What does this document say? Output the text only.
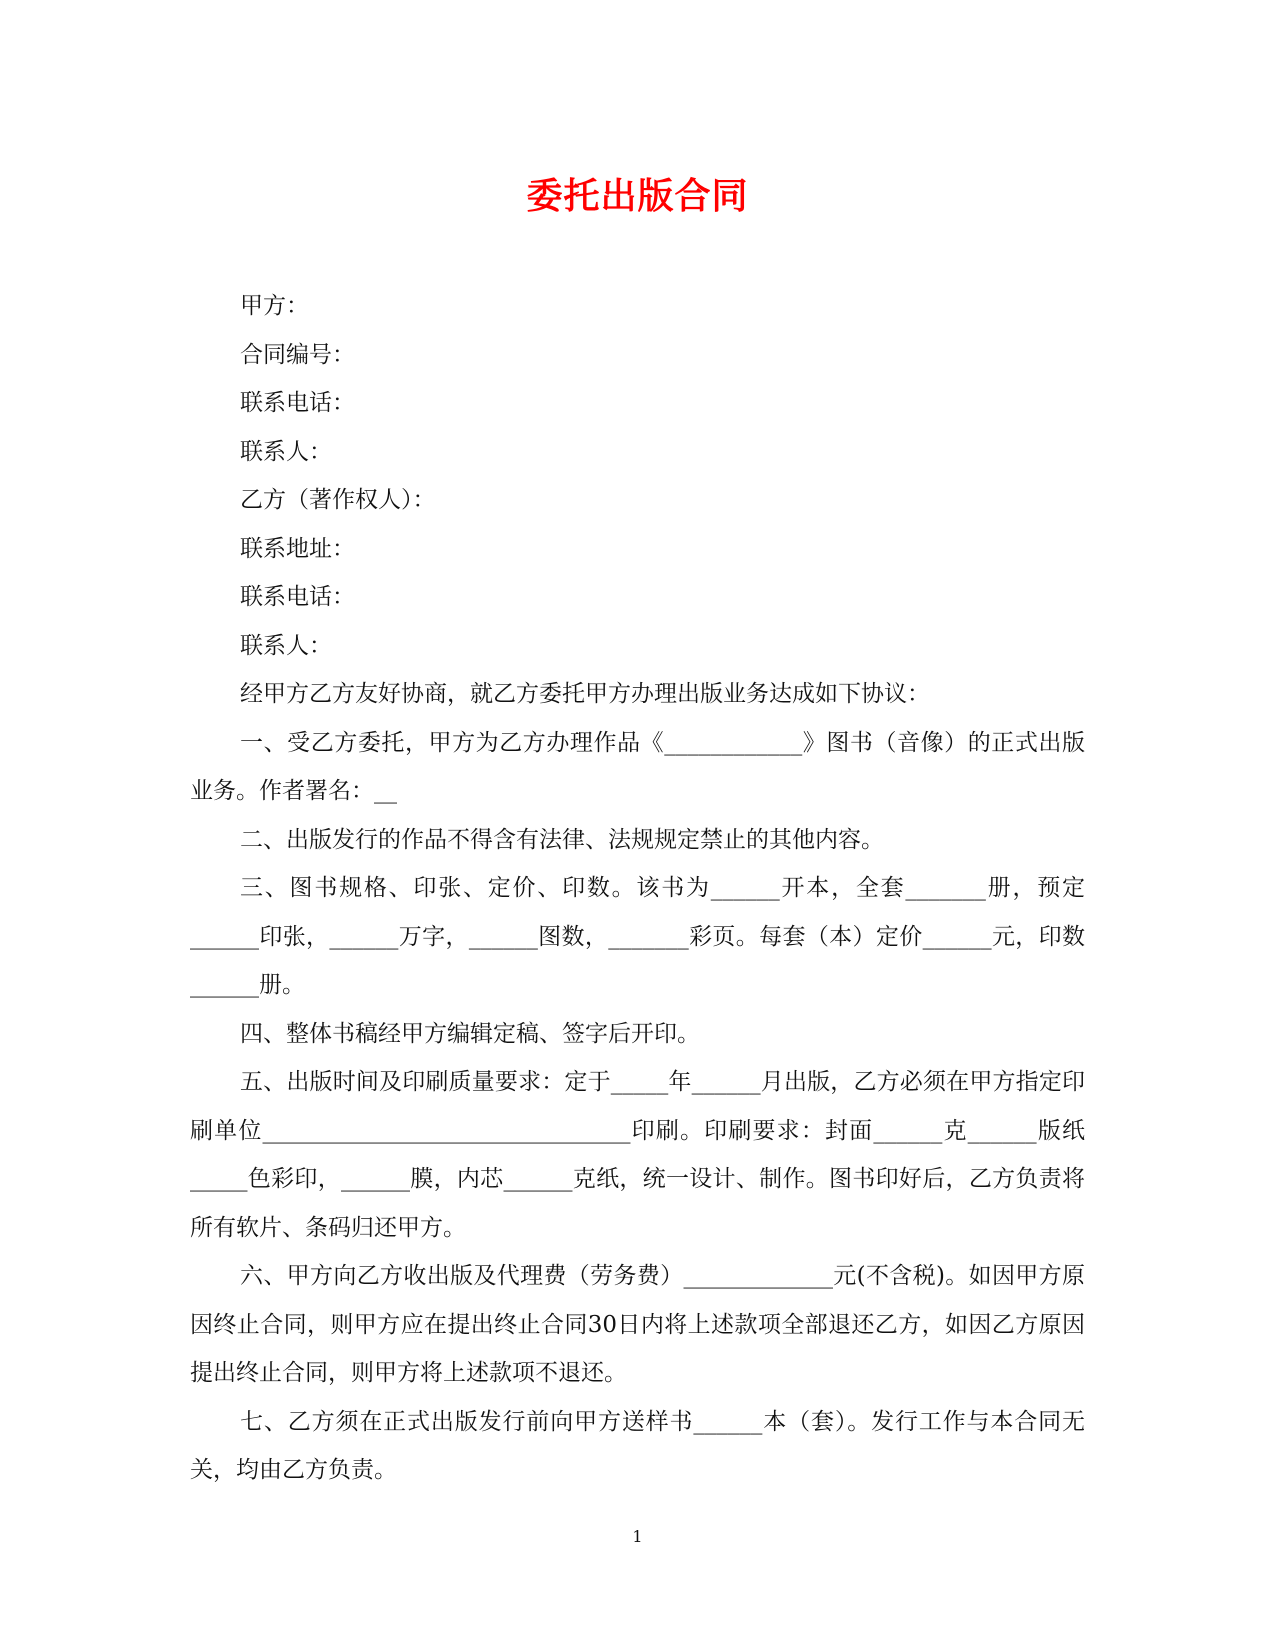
委托出版合同

甲方：

合同编号：

联系电话：

联系人：

乙方（著作权人）：

联系地址：

联系电话：

联系人：

经甲方乙方友好协商，就乙方委托甲方办理出版业务达成如下协议：

一、受乙方委托，甲方为乙方办理作品《____________》图书（音像）的正式出版业务。作者署名：__

二、出版发行的作品不得含有法律、法规规定禁止的其他内容。

三、图书规格、印张、定价、印数。该书为______开本，全套_______册，预定______印张，______万字，______图数，_______彩页。每套（本）定价______元，印数______册。

四、整体书稿经甲方编辑定稿、签字后开印。

五、出版时间及印刷质量要求：定于_____年______月出版，乙方必须在甲方指定印刷单位________________________________印刷。印刷要求：封面______克______版纸_____色彩印，______膜，内芯______克纸，统一设计、制作。图书印好后，乙方负责将所有软片、条码归还甲方。

六、甲方向乙方收出版及代理费（劳务费）_____________元(不含税)。如因甲方原因终止合同，则甲方应在提出终止合同30日内将上述款项全部退还乙方，如因乙方原因提出终止合同，则甲方将上述款项不退还。

七、乙方须在正式出版发行前向甲方送样书______本（套）。发行工作与本合同无关，均由乙方负责。

1
